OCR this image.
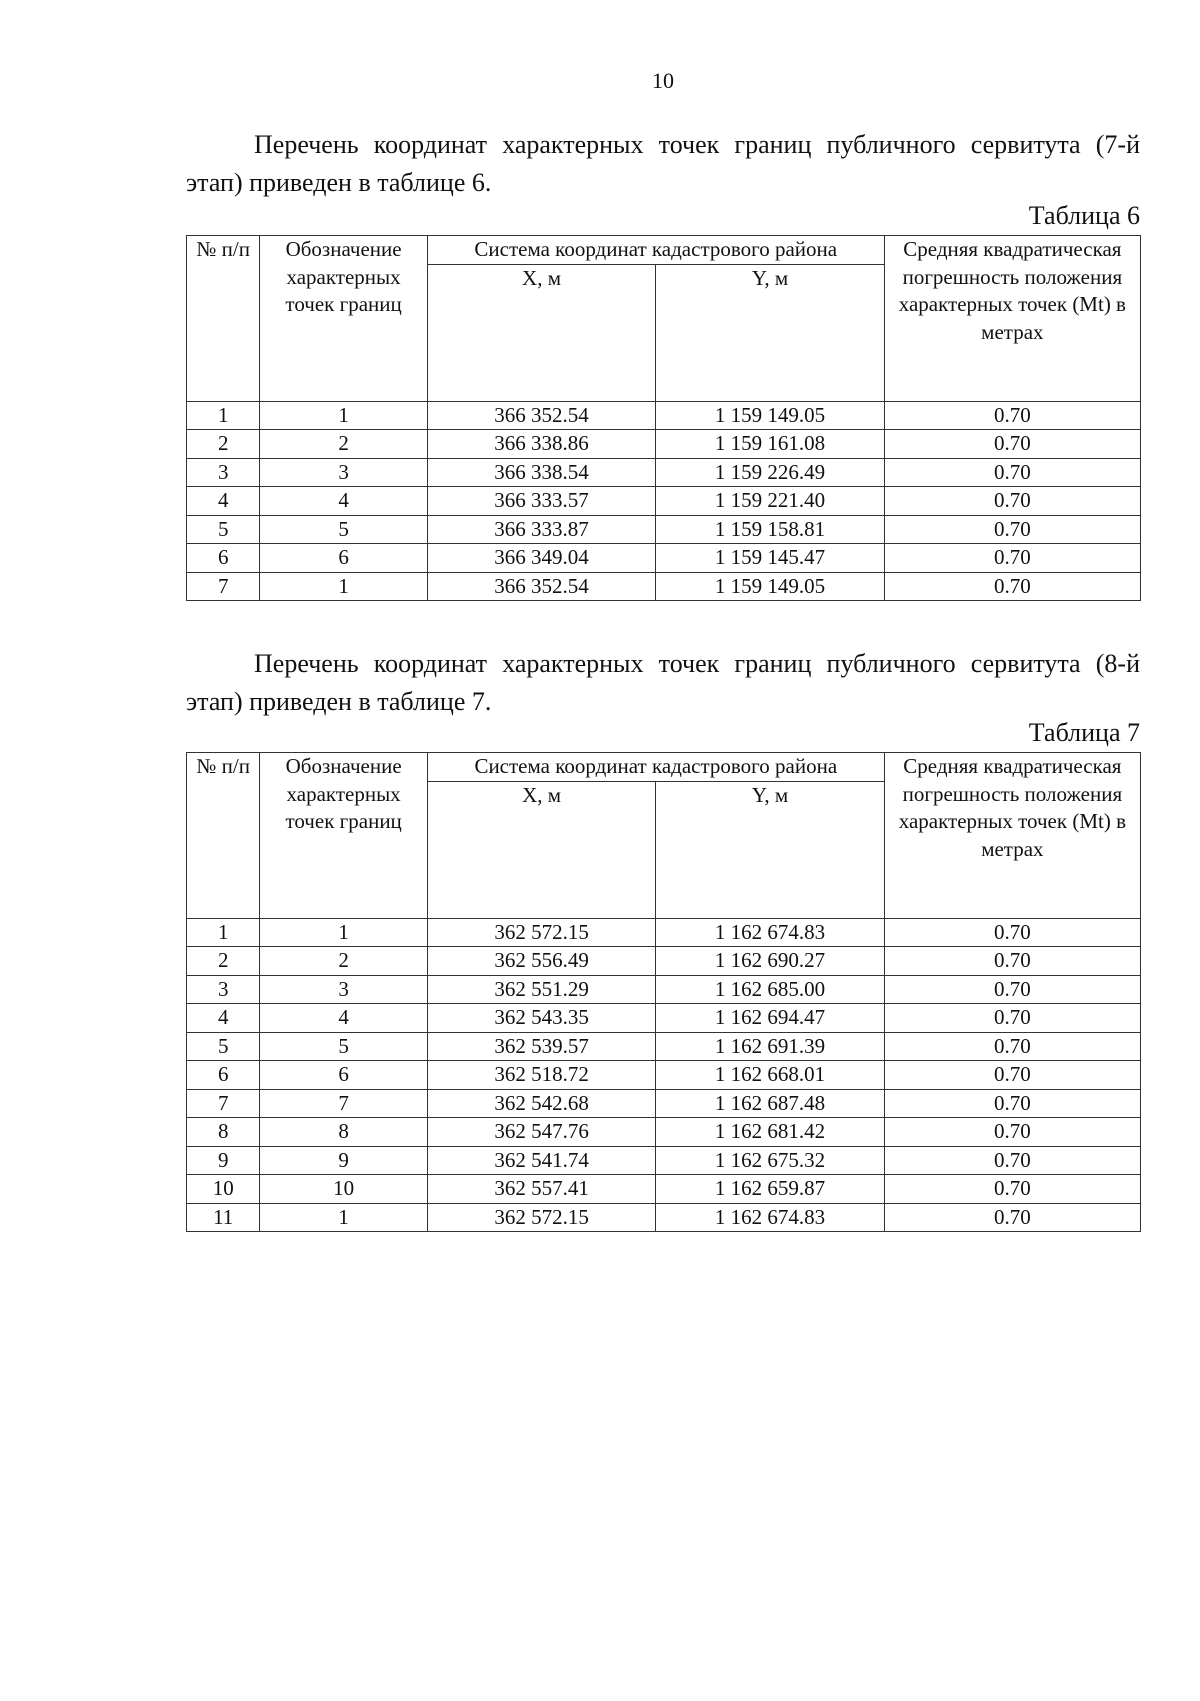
10
Перечень координат характерных точек границ публичного сервитута (7-й этап) приведен в таблице 6.
Таблица 6
№ п/п	Обозначение характерных точек границ	Система координат кадастрового района		Средняя квадратическая погрешность положения характерных точек (Mt) в метрах
		X, м	Y, м	
1	1	366 352.54	1 159 149.05	0.70
2	2	366 338.86	1 159 161.08	0.70
3	3	366 338.54	1 159 226.49	0.70
4	4	366 333.57	1 159 221.40	0.70
5	5	366 333.87	1 159 158.81	0.70
6	6	366 349.04	1 159 145.47	0.70
7	1	366 352.54	1 159 149.05	0.70
Перечень координат характерных точек границ публичного сервитута (8-й этап) приведен в таблице 7.
Таблица 7
№ п/п	Обозначение характерных точек границ	Система координат кадастрового района		Средняя квадратическая погрешность положения характерных точек (Mt) в метрах
		X, м	Y, м	
1	1	362 572.15	1 162 674.83	0.70
2	2	362 556.49	1 162 690.27	0.70
3	3	362 551.29	1 162 685.00	0.70
4	4	362 543.35	1 162 694.47	0.70
5	5	362 539.57	1 162 691.39	0.70
6	6	362 518.72	1 162 668.01	0.70
7	7	362 542.68	1 162 687.48	0.70
8	8	362 547.76	1 162 681.42	0.70
9	9	362 541.74	1 162 675.32	0.70
10	10	362 557.41	1 162 659.87	0.70
11	1	362 572.15	1 162 674.83	0.70
